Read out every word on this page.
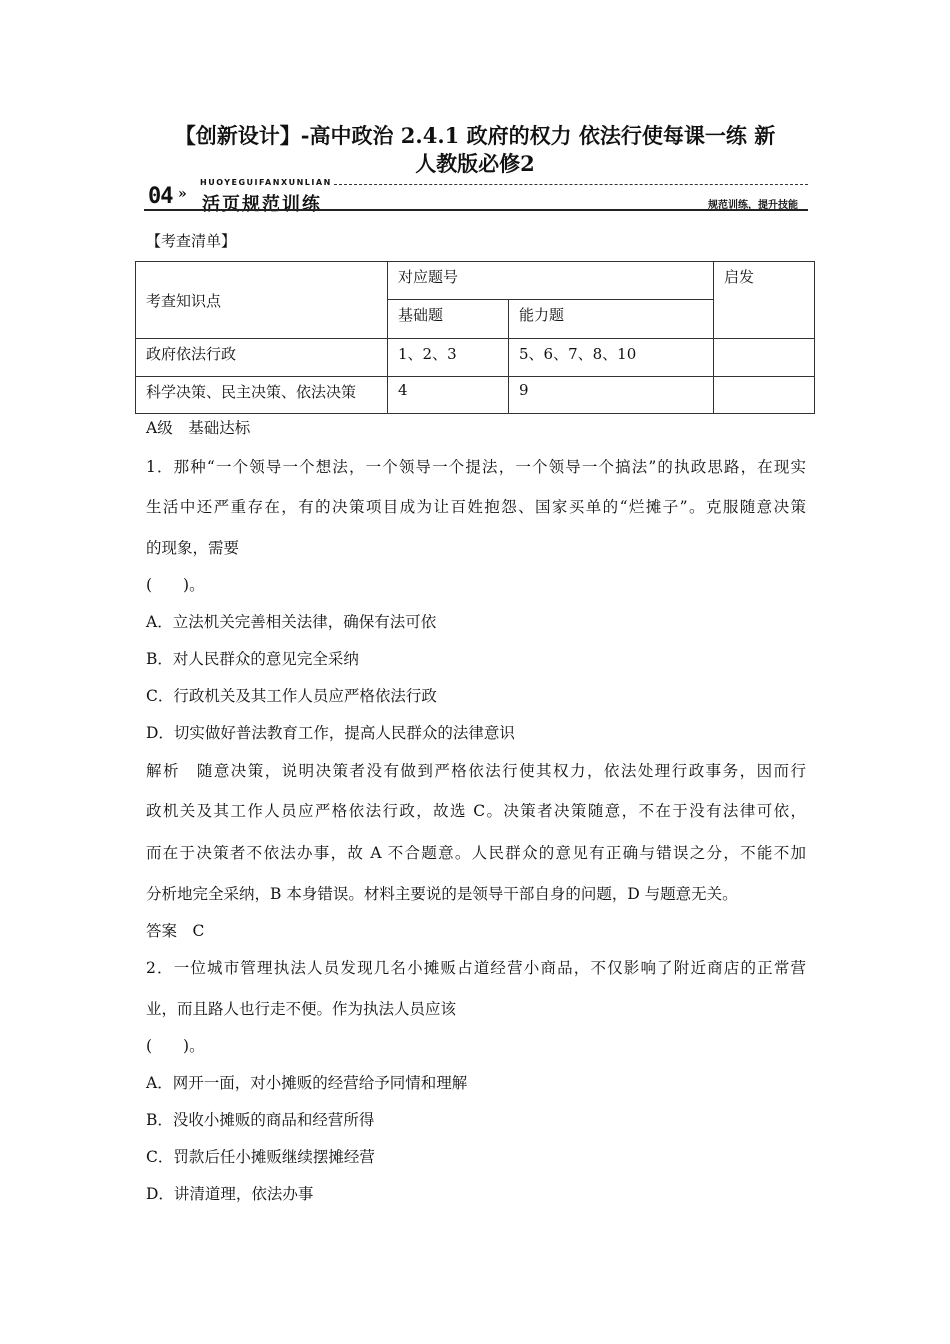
【创新设计】-高中政治 2.4.1 政府的权力 依法行使每课一练 新
人教版必修2
04 »
HUOYEGUIFANXUNLIAN
活页规范训练	规范训练，提升技能
【考查清单】
考查知识点	对应题号		启发
	基础题	能力题	
政府依法行政	1、2、3	5、6、7、8、10	
科学决策、民主决策、依法决策	4	9	
A级　基础达标
1．那种“一个领导一个想法，一个领导一个提法，一个领导一个搞法”的执政思路，在现实
生活中还严重存在，有的决策项目成为让百姓抱怨、国家买单的“烂摊子”。克服随意决策
的现象，需要
(　　)。
A．立法机关完善相关法律，确保有法可依
B．对人民群众的意见完全采纳
C．行政机关及其工作人员应严格依法行政
D．切实做好普法教育工作，提高人民群众的法律意识
解析　随意决策，说明决策者没有做到严格依法行使其权力，依法处理行政事务，因而行
政机关及其工作人员应严格依法行政，故选 C。决策者决策随意，不在于没有法律可依，
而在于决策者不依法办事，故 A 不合题意。人民群众的意见有正确与错误之分，不能不加
分析地完全采纳，B 本身错误。材料主要说的是领导干部自身的问题，D 与题意无关。
答案　C
2．一位城市管理执法人员发现几名小摊贩占道经营小商品，不仅影响了附近商店的正常营
业，而且路人也行走不便。作为执法人员应该
(　　)。
A．网开一面，对小摊贩的经营给予同情和理解
B．没收小摊贩的商品和经营所得
C．罚款后任小摊贩继续摆摊经营
D．讲清道理，依法办事
